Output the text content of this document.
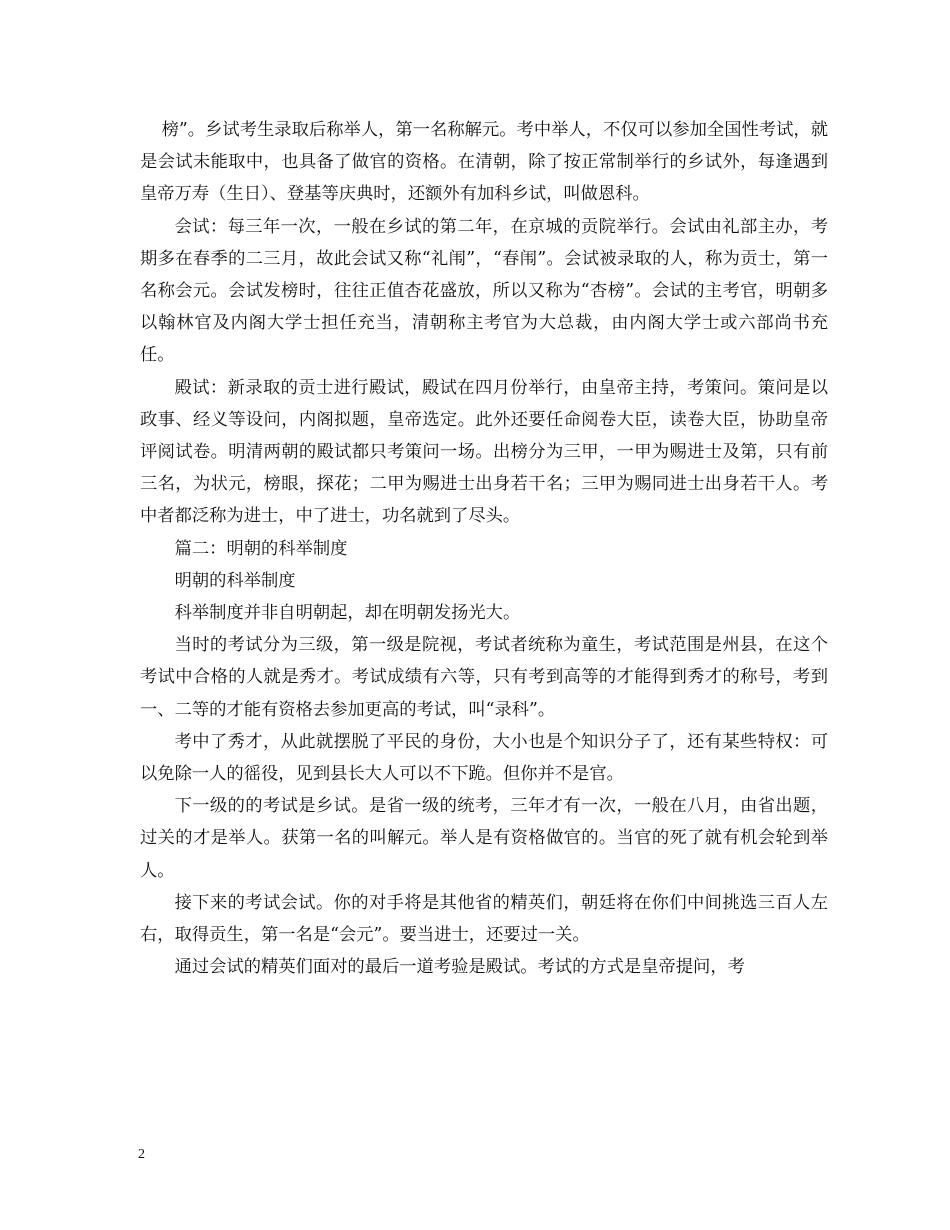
榜”。乡试考生录取后称举人，第一名称解元。考中举人，不仅可以参加全国性考试，就是会试未能取中，也具备了做官的资格。在清朝，除了按正常制举行的乡试外，每逢遇到皇帝万寿（生日）、登基等庆典时，还额外有加科乡试，叫做恩科。

会试：每三年一次，一般在乡试的第二年，在京城的贡院举行。会试由礼部主办，考期多在春季的二三月，故此会试又称“礼闱”，“春闱”。会试被录取的人，称为贡士，第一名称会元。会试发榜时，往往正值杏花盛放，所以又称为“杏榜”。会试的主考官，明朝多以翰林官及内阁大学士担任充当，清朝称主考官为大总裁，由内阁大学士或六部尚书充任。

殿试：新录取的贡士进行殿试，殿试在四月份举行，由皇帝主持，考策问。策问是以政事、经义等设问，内阁拟题，皇帝选定。此外还要任命阅卷大臣，读卷大臣，协助皇帝评阅试卷。明清两朝的殿试都只考策问一场。出榜分为三甲，一甲为赐进士及第，只有前三名，为状元，榜眼，探花；二甲为赐进士出身若干名；三甲为赐同进士出身若干人。考中者都泛称为进士，中了进士，功名就到了尽头。

篇二：明朝的科举制度

明朝的科举制度

科举制度并非自明朝起，却在明朝发扬光大。

当时的考试分为三级，第一级是院视，考试者统称为童生，考试范围是州县，在这个考试中合格的人就是秀才。考试成绩有六等，只有考到高等的才能得到秀才的称号，考到一、二等的才能有资格去参加更高的考试，叫“录科”。

考中了秀才，从此就摆脱了平民的身份，大小也是个知识分子了，还有某些特权：可以免除一人的徭役，见到县长大人可以不下跪。但你并不是官。

下一级的的考试是乡试。是省一级的统考，三年才有一次，一般在八月，由省出题，过关的才是举人。获第一名的叫解元。举人是有资格做官的。当官的死了就有机会轮到举人。

接下来的考试会试。你的对手将是其他省的精英们，朝廷将在你们中间挑选三百人左右，取得贡生，第一名是“会元”。要当进士，还要过一关。

通过会试的精英们面对的最后一道考验是殿试。考试的方式是皇帝提问，考

2
